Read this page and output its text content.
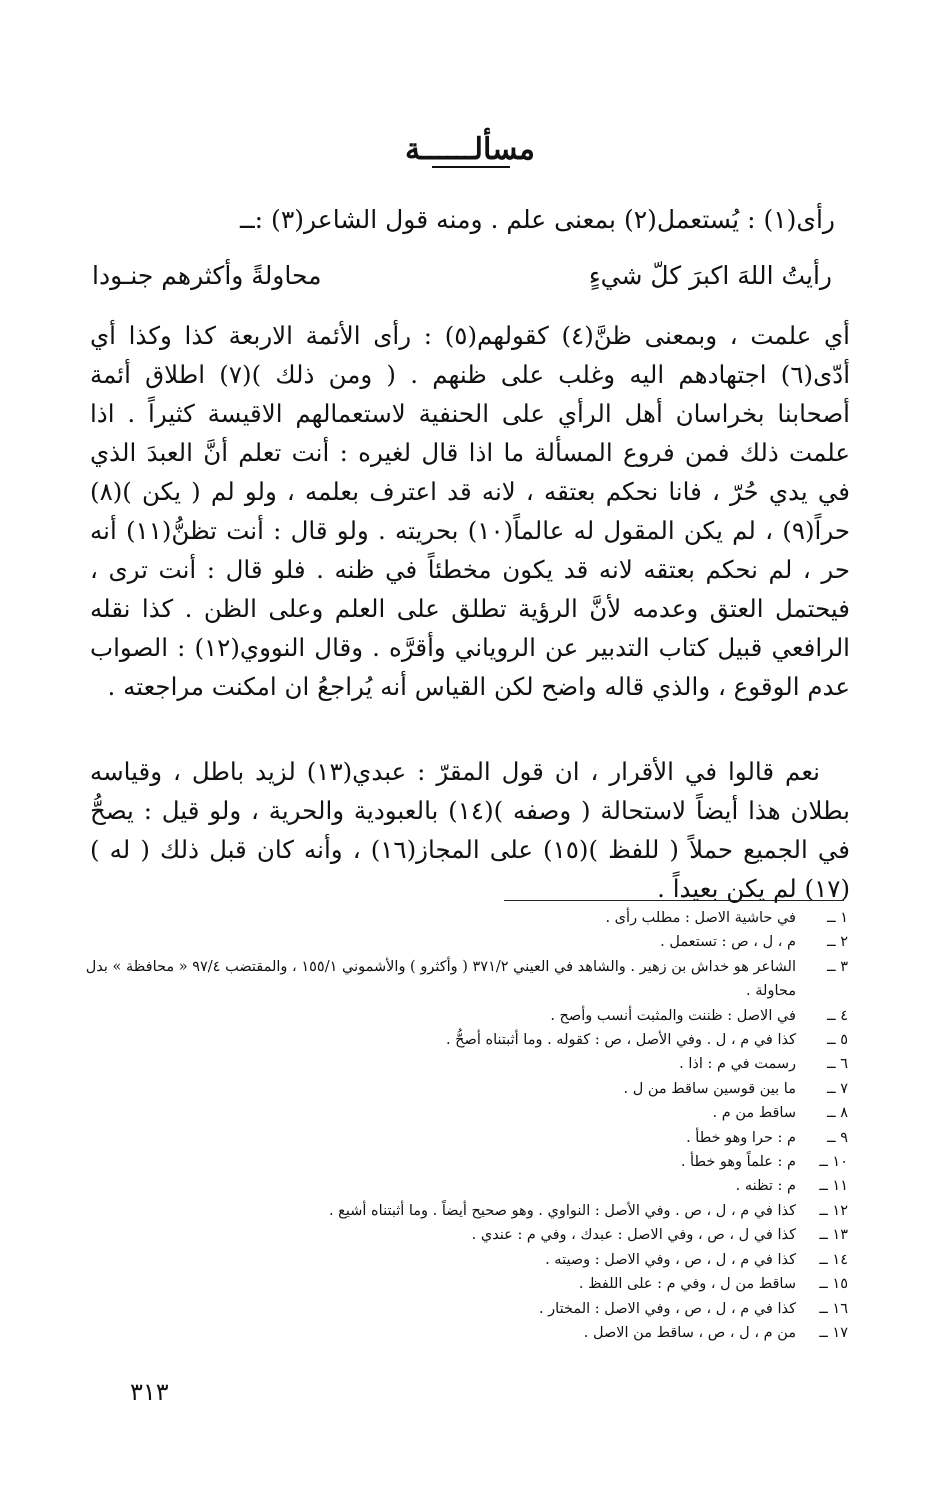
مسألــــــة
رأى(١) : يُستعمل(٢) بمعنى علم . ومنه قول الشاعر(٣) :ــ
رأيتُ اللهَ اكبرَ كلّ شيءٍ
محاولةً وأكثرهم جنـودا
أي علمت ، وبمعنى ظنَّ(٤) كقولهم(٥) : رأى الأئمة الاربعة كذا وكذا أي أدّى(٦) اجتهادهم اليه وغلب على ظنهم . ( ومن ذلك )(٧) اطلاق أئمة أصحابنا بخراسان أهل الرأي على الحنفية لاستعمالهم الاقيسة كثيراً . اذا علمت ذلك فمن فروع المسألة ما اذا قال لغيره : أنت تعلم أنَّ العبدَ الذي في يدي حُرّ ، فانا نحكم بعتقه ، لانه قد اعترف بعلمه ، ولو لم ( يكن )(٨) حراً(٩) ، لم يكن المقول له عالماً(١٠) بحريته . ولو قال : أنت تظنُّ(١١) أنه حر ، لم نحكم بعتقه لانه قد يكون مخطئاً في ظنه . فلو قال : أنت ترى ، فيحتمل العتق وعدمه لأنَّ الرؤية تطلق على العلم وعلى الظن . كذا نقله الرافعي قبيل كتاب التدبير عن الروياني وأقرَّه . وقال النووي(١٢) : الصواب عدم الوقوع ، والذي قاله واضح لكن القياس أنه يُراجعُ ان امكنت مراجعته .
نعم قالوا في الأقرار ، ان قول المقرّ : عبدي(١٣) لزيد باطل ، وقياسه بطلان هذا أيضاً لاستحالة ( وصفه )(١٤) بالعبودية والحرية ، ولو قيل : يصحُّ في الجميع حملاً ( للفظ )(١٥) على المجاز(١٦) ، وأنه كان قبل ذلك ( له )(١٧) لم يكن بعيداً .
١ ــ
في حاشية الاصل : مطلب رأى .
٢ ــ
م ، ل ، ص : تستعمل .
٣ ــ
الشاعر هو خداش بن زهير . والشاهد في العيني ٣٧١/٢ ( وأكثرو ) والأشموني ١٥٥/١ ، والمقتضب ٩٧/٤ « محافظة » بدل محاولة .
٤ ــ
في الاصل : ظننت والمثبت أنسب وأصح .
٥ ــ
كذا في م ، ل . وفي الأصل ، ص : كقوله . وما أثبتناه أصحُّ .
٦ ــ
رسمت في م : اذا .
٧ ــ
ما بين قوسين ساقط من ل .
٨ ــ
ساقط من م .
٩ ــ
م : حرا وهو خطأ .
١٠ ــ
م : علماً وهو خطأ .
١١ ــ
م : تظنه .
١٢ ــ
كذا في م ، ل ، ص . وفي الأصل : النواوي . وهو صحيح أيضاً . وما أثبتناه أشيع .
١٣ ــ
كذا في ل ، ص ، وفي الاصل : عبدك ، وفي م : عندي .
١٤ ــ
كذا في م ، ل ، ص ، وفي الاصل : وصيته .
١٥ ــ
ساقط من ل ، وفي م : على اللفظ .
١٦ ــ
كذا في م ، ل ، ص ، وفي الاصل : المختار .
١٧ ــ
من م ، ل ، ص ، ساقط من الاصل .
٣١٣
